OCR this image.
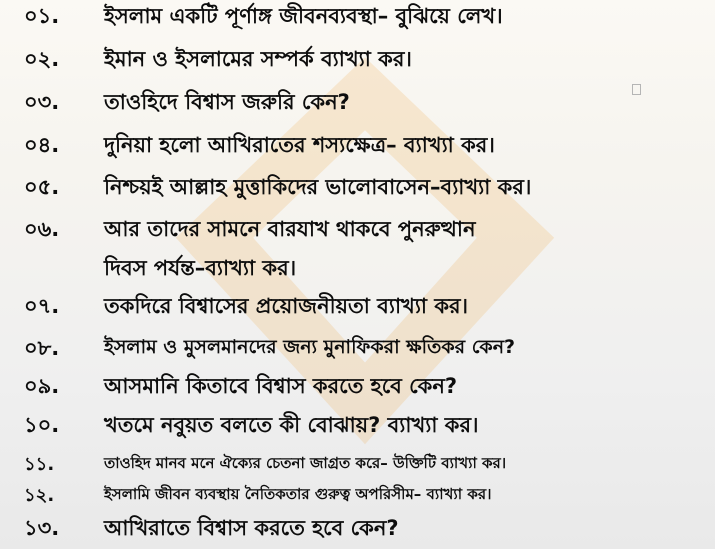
০১. ইসলাম একটি পূর্ণাঙ্গ জীবনব্যবস্থা– বুঝিয়ে লেখ।
০২. ইমান ও ইসলামের সম্পর্ক ব্যাখ্যা কর।
০৩. তাওহিদে বিশ্বাস জরুরি কেন?
০৪. দুনিয়া হলো আখিরাতের শস্যক্ষেত্র– ব্যাখ্যা কর।
০৫. নিশ্চয়ই আল্লাহ মুত্তাকিদের ভালোবাসেন–ব্যাখ্যা কর।
০৬. আর তাদের সামনে বারযাখ থাকবে পুনরুত্থান
দিবস পর্যন্ত–ব্যাখ্যা কর।
০৭. তকদিরে বিশ্বাসের প্রয়োজনীয়তা ব্যাখ্যা কর।
০৮. ইসলাম ও মুসলমানদের জন্য মুনাফিকরা ক্ষতিকর কেন?
০৯. আসমানি কিতাবে বিশ্বাস করতে হবে কেন?
১০. খতমে নবুয়ত বলতে কী বোঝায়? ব্যাখ্যা কর।
১১.	তাওহিদ মানব মনে ঐক্যের চেতনা জাগ্রত করে– উক্তিটি ব্যাখ্যা কর।
১২.	ইসলামি জীবন ব্যবস্থায় নৈতিকতার গুরুত্ব অপরিসীম– ব্যাখ্যা কর।
১৩. আখিরাতে বিশ্বাস করতে হবে কেন?
